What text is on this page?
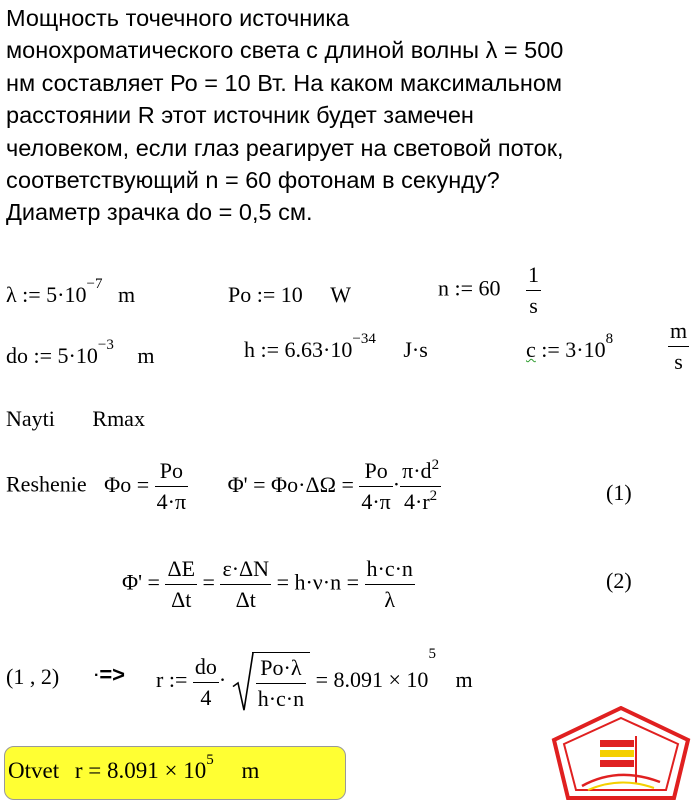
Мощность точечного источника
монохроматического света с длиной волны λ = 500
нм составляет Ро = 10 Вт. На каком максимальном
расстоянии R этот источник будет замечен
человеком, если глаз реагирует на световой поток,
соответствующий n = 60 фотонам в секунду?
Диаметр зрачка do = 0,5 см.
λ := $5\cdot 10^{-7}$ m	Po := 10 W	n := $60 \frac{1}{s}$
do := $5\cdot 10^{-3}$ m	h := $6.63\cdot 10^{-34}$ J·s	c := $3\cdot 10^8 \frac{m}{s}$
Nayti Rmax
Reshenie $\Phi o = \frac{Po}{4\cdot\pi} \Phi' = \Phi o\cdot\Delta\Omega = \frac{Po}{4\cdot\pi} \cdot \frac{\pi\cdot d^2}{4\cdot r^2}$	(1)
$\Phi' = \frac{\Delta E}{\Delta t} = \frac{\varepsilon\cdot\Delta N}{\Delta t} = h\cdot\nu\cdot n = \frac{h\cdot c\cdot n}{\lambda}$	(2)
(1 , 2) ·=> r := $\frac{do}{4} \cdot \frac{Po\cdot\lambda}{h\cdot c\cdot n} = 8.091 \times 10^5$ m
Otvet $r = 8.091 \times 10^5$ m
